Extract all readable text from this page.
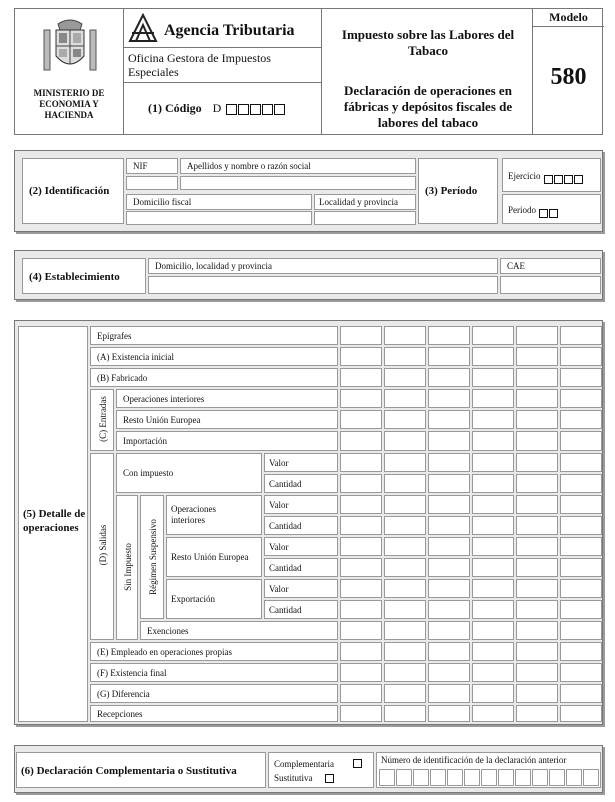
MINISTERIO DE ECONOMIA Y HACIENDA
Agencia Tributaria
Oficina Gestora de Impuestos Especiales
(1) Código D
Impuesto sobre las Labores del Tabaco
Declaración de operaciones en fábricas y depósitos fiscales de labores del tabaco
Modelo
580
(2) Identificación
NIF	Apellidos y nombre o razón social
Domicilio fiscal	Localidad y provincia
(3) Período
Ejercicio
Período
(4) Establecimiento
Domicilio, localidad y provincia	CAE
(5) Detalle de operaciones
Epígrafes
(A) Existencia inicial
(B) Fabricado
(C) Entradas Operaciones interiores
Resto Unión Europea
Importación
(D) Salidas
Con impuesto
Valor
Cantidad
Sin Impuesto Régimen Suspensivo
Operaciones interiores
Valor
Cantidad
Resto Unión Europea
Valor
Cantidad
Exportación
Valor
Cantidad
Exenciones
(E) Empleado en operaciones propias
(F) Existencia final
(G) Diferencia
Recepciones
(6) Declaración Complementaria o Sustitutiva
Complementaria
Sustitutiva
Número de identificación de la declaración anterior
